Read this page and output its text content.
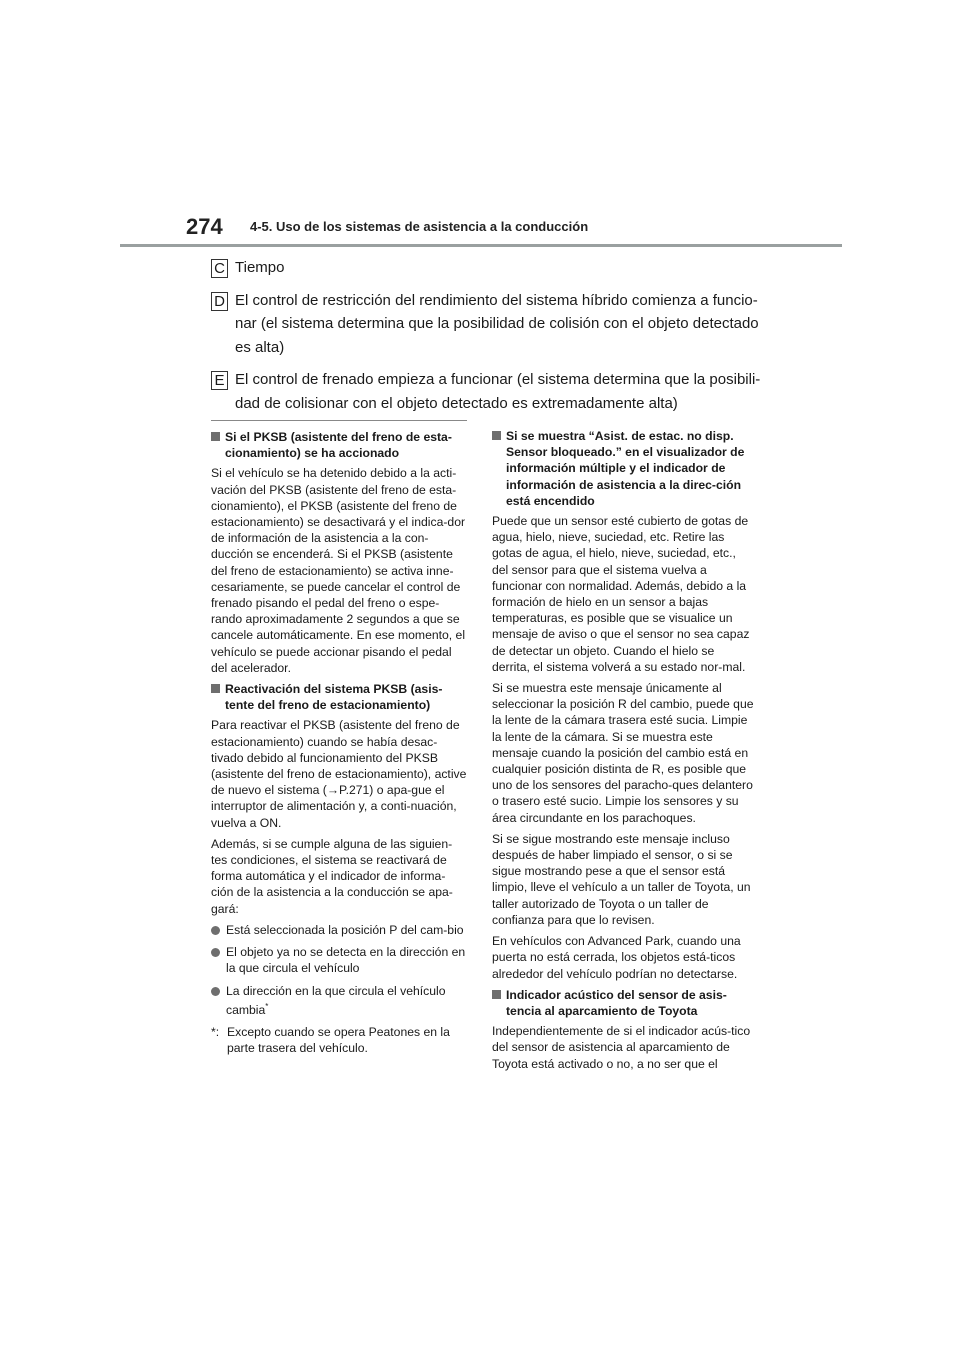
274 4-5. Uso de los sistemas de asistencia a la conducción
C Tiempo
D El control de restricción del rendimiento del sistema híbrido comienza a funcio-nar (el sistema determina que la posibilidad de colisión con el objeto detectado es alta)
E El control de frenado empieza a funcionar (el sistema determina que la posibili-dad de colisionar con el objeto detectado es extremadamente alta)
Si el PKSB (asistente del freno de esta-cionamiento) se ha accionado

Si el vehículo se ha detenido debido a la acti-vación del PKSB (asistente del freno de esta-cionamiento), el PKSB (asistente del freno de estacionamiento) se desactivará y el indica-dor de información de la asistencia a la con-ducción se encenderá. Si el PKSB (asistente del freno de estacionamiento) se activa inne-cesariamente, se puede cancelar el control de frenado pisando el pedal del freno o espe-rando aproximadamente 2 segundos a que se cancele automáticamente. En ese momento, el vehículo se puede accionar pisando el pedal del acelerador.

Reactivación del sistema PKSB (asis-tente del freno de estacionamiento)

Para reactivar el PKSB (asistente del freno de estacionamiento) cuando se había desac-tivado debido al funcionamiento del PKSB (asistente del freno de estacionamiento), active de nuevo el sistema (→P.271) o apa-gue el interruptor de alimentación y, a conti-nuación, vuelva a ON.

Además, si se cumple alguna de las siguien-tes condiciones, el sistema se reactivará de forma automática y el indicador de informa-ción de la asistencia a la conducción se apa-gará:

Está seleccionada la posición P del cam-bio
El objeto ya no se detecta en la dirección en la que circula el vehículo
La dirección en la que circula el vehículo cambia*
*: Excepto cuando se opera Peatones en la parte trasera del vehículo.
Si se muestra “Asist. de estac. no disp. Sensor bloqueado.” en el visualizador de información múltiple y el indicador de información de asistencia a la direc-ción está encendido

Puede que un sensor esté cubierto de gotas de agua, hielo, nieve, suciedad, etc. Retire las gotas de agua, el hielo, nieve, suciedad, etc., del sensor para que el sistema vuelva a funcionar con normalidad. Además, debido a la formación de hielo en un sensor a bajas temperaturas, es posible que se visualice un mensaje de aviso o que el sensor no sea capaz de detectar un objeto. Cuando el hielo se derrita, el sistema volverá a su estado nor-mal.

Si se muestra este mensaje únicamente al seleccionar la posición R del cambio, puede que la lente de la cámara trasera esté sucia. Limpie la lente de la cámara. Si se muestra este mensaje cuando la posición del cambio está en cualquier posición distinta de R, es posible que uno de los sensores del paracho-ques delantero o trasero esté sucio. Limpie los sensores y su área circundante en los parachoques.

Si se sigue mostrando este mensaje incluso después de haber limpiado el sensor, o si se sigue mostrando pese a que el sensor está limpio, lleve el vehículo a un taller de Toyota, un taller autorizado de Toyota o un taller de confianza para que lo revisen.

En vehículos con Advanced Park, cuando una puerta no está cerrada, los objetos está-ticos alrededor del vehículo podrían no detectarse.

Indicador acústico del sensor de asis-tencia al aparcamiento de Toyota

Independientemente de si el indicador acús-tico del sensor de asistencia al aparcamiento de Toyota está activado o no, a no ser que el
